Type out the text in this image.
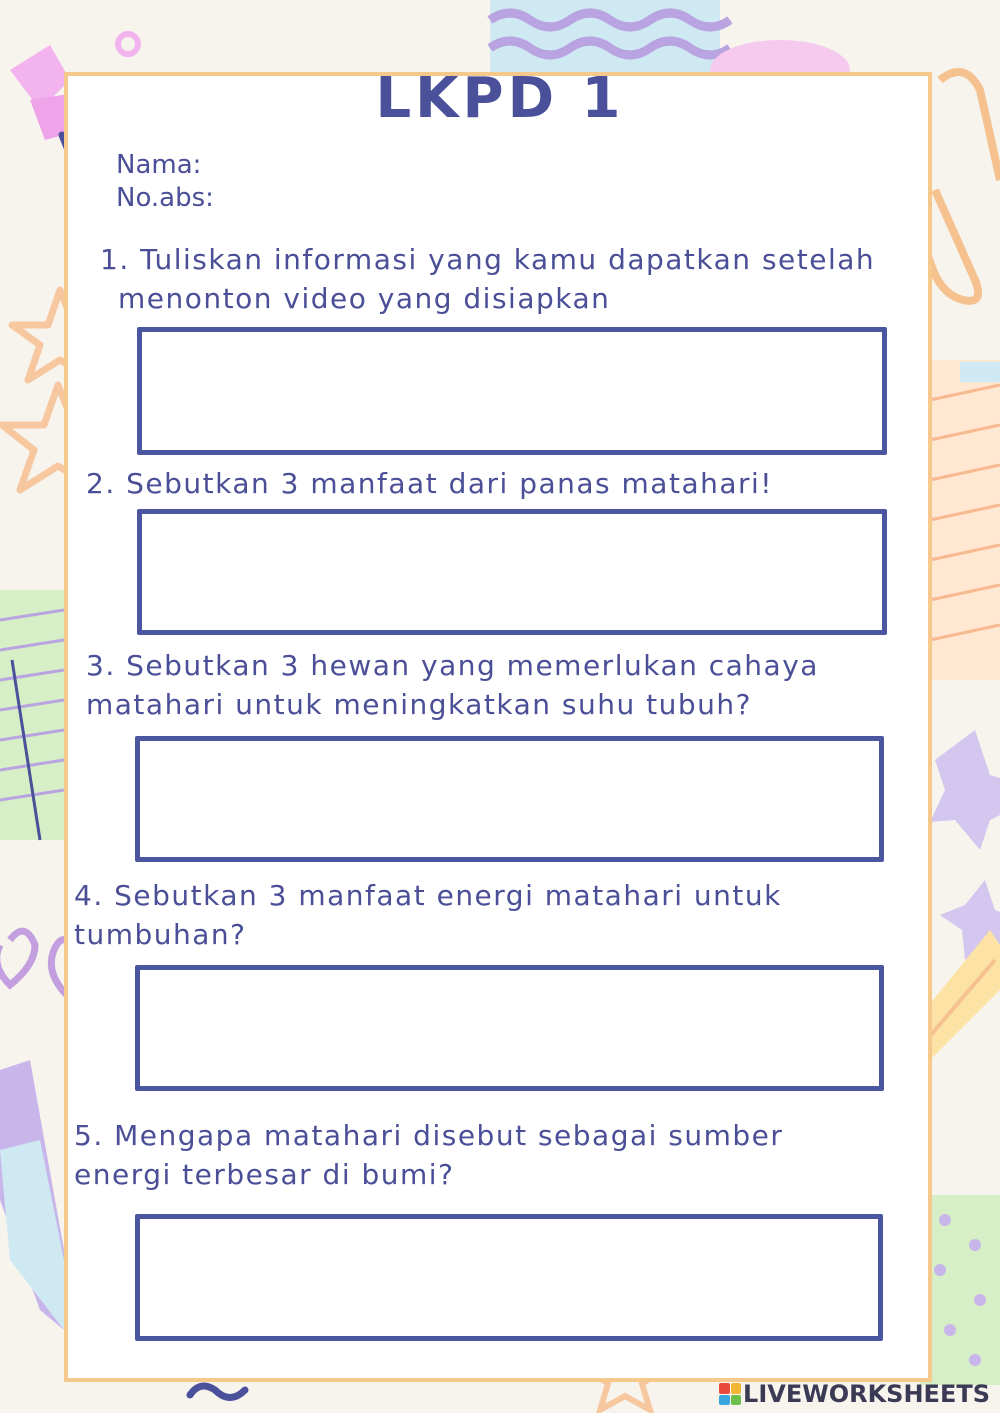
LKPD 1
Nama:
No.abs:
1. Tuliskan informasi yang kamu dapatkan setelah
menonton video yang disiapkan
2. Sebutkan 3 manfaat dari panas matahari!
3. Sebutkan 3 hewan yang memerlukan cahaya
matahari untuk meningkatkan suhu tubuh?
4. Sebutkan 3 manfaat energi matahari untuk
tumbuhan?
5. Mengapa matahari disebut sebagai sumber
energi terbesar di bumi?
LIVEWORKSHEETS
